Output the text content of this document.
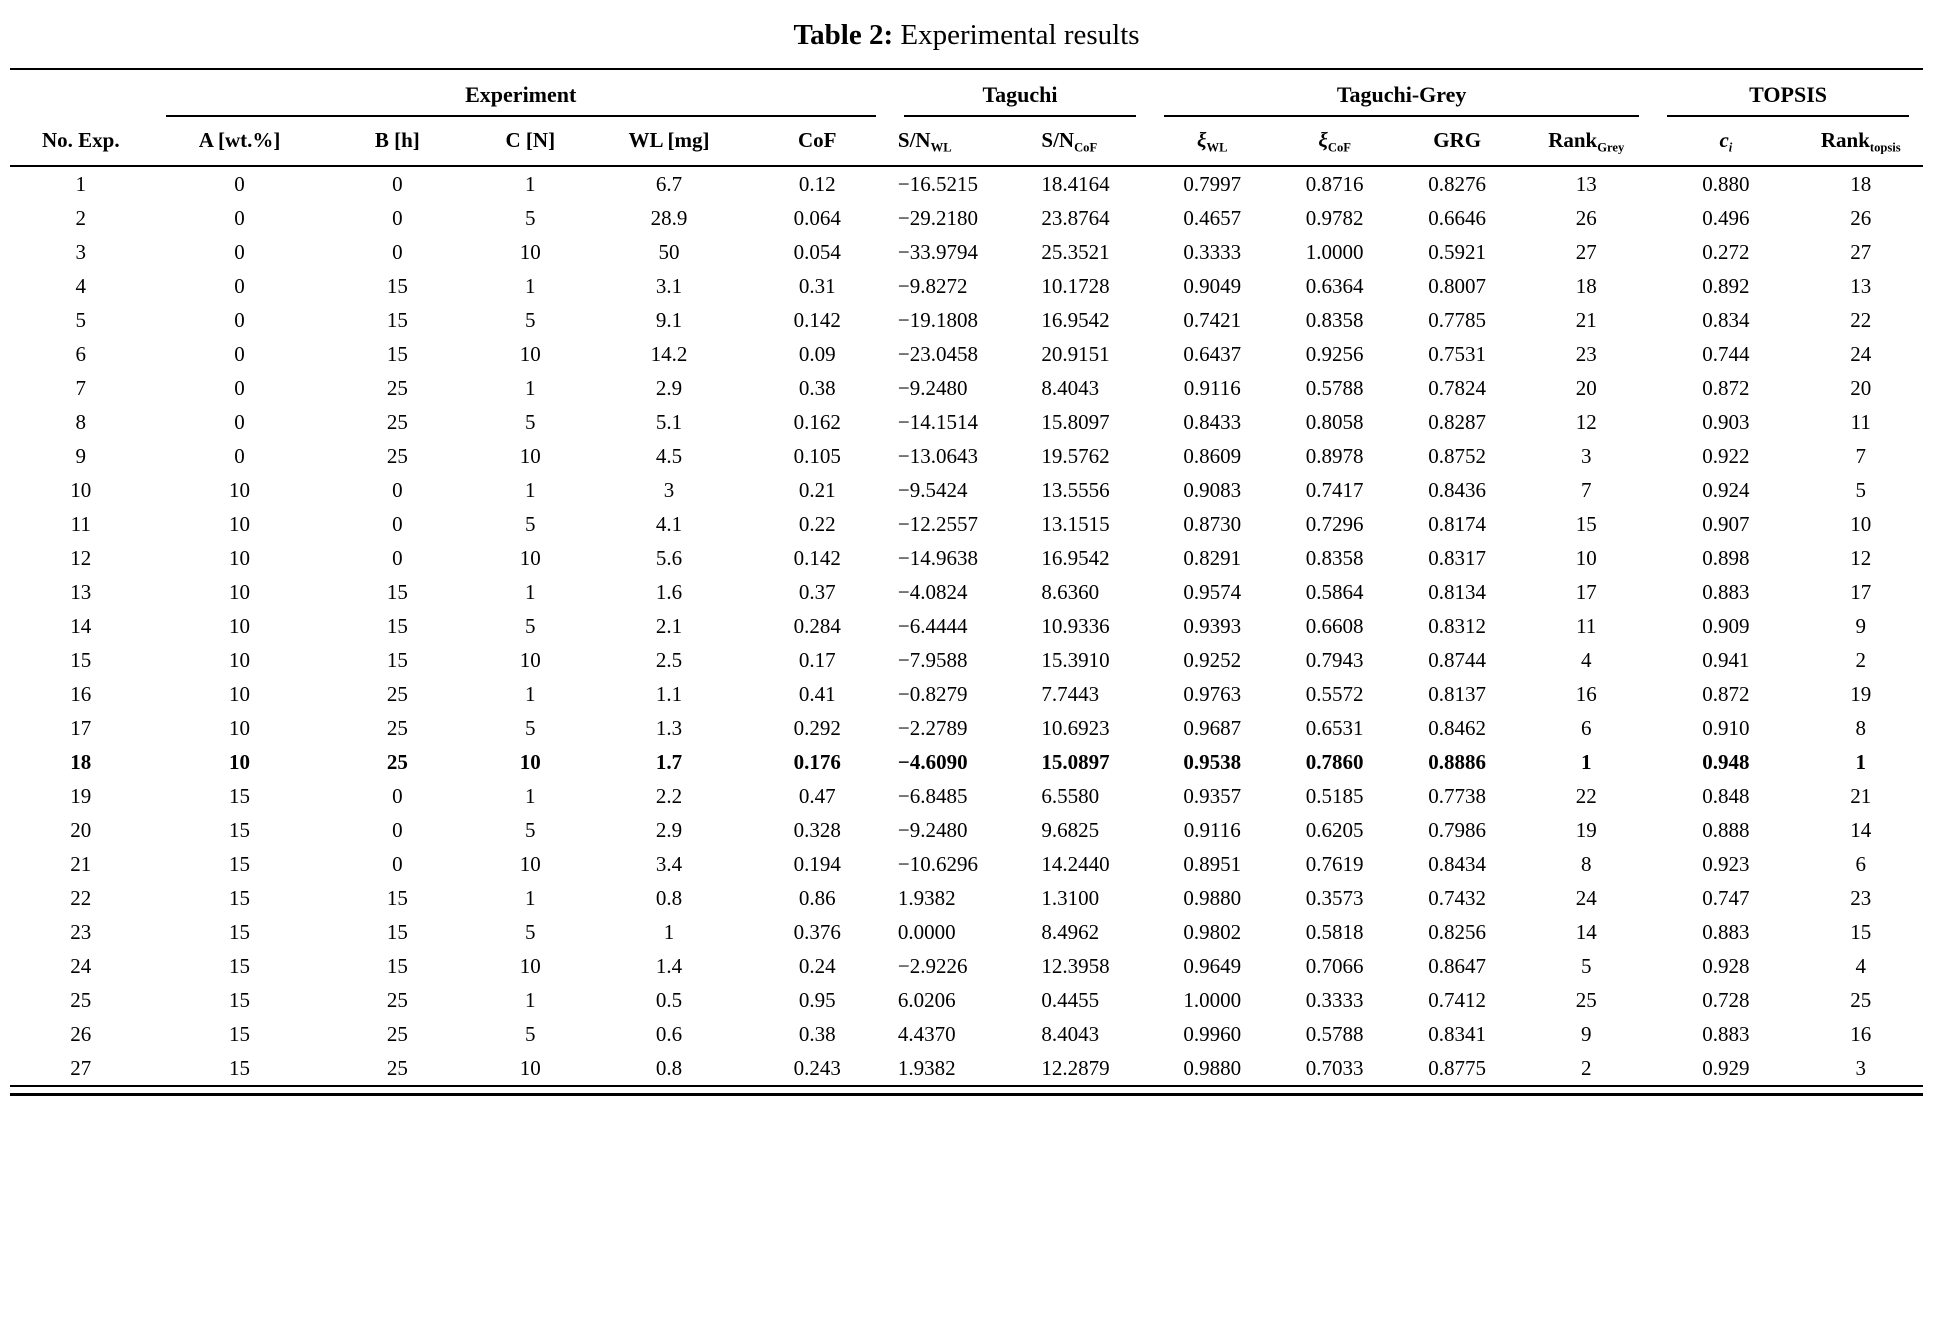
Table 2: Experimental results

	Experiment					Taguchi		Taguchi-Grey				TOPSIS	

No. Exp.	A [wt.%]	B [h]	C [N]	WL [mg]	CoF	$S/N_{WL}$	$S/N_{CoF}$	$\xi_{WL}$	$\xi_{CoF}$	GRG	Rank$_{Grey}$	$c_i$	Rank$_{topsis}$
1	0	0	1	6.7	0.12	−16.5215	18.4164	0.7997	0.8716	0.8276	13	0.880	18
2	0	0	5	28.9	0.064	−29.2180	23.8764	0.4657	0.9782	0.6646	26	0.496	26
3	0	0	10	50	0.054	−33.9794	25.3521	0.3333	1.0000	0.5921	27	0.272	27
4	0	15	1	3.1	0.31	−9.8272	10.1728	0.9049	0.6364	0.8007	18	0.892	13
5	0	15	5	9.1	0.142	−19.1808	16.9542	0.7421	0.8358	0.7785	21	0.834	22
6	0	15	10	14.2	0.09	−23.0458	20.9151	0.6437	0.9256	0.7531	23	0.744	24
7	0	25	1	2.9	0.38	−9.2480	8.4043	0.9116	0.5788	0.7824	20	0.872	20
8	0	25	5	5.1	0.162	−14.1514	15.8097	0.8433	0.8058	0.8287	12	0.903	11
9	0	25	10	4.5	0.105	−13.0643	19.5762	0.8609	0.8978	0.8752	3	0.922	7
10	10	0	1	3	0.21	−9.5424	13.5556	0.9083	0.7417	0.8436	7	0.924	5
11	10	0	5	4.1	0.22	−12.2557	13.1515	0.8730	0.7296	0.8174	15	0.907	10
12	10	0	10	5.6	0.142	−14.9638	16.9542	0.8291	0.8358	0.8317	10	0.898	12
13	10	15	1	1.6	0.37	−4.0824	8.6360	0.9574	0.5864	0.8134	17	0.883	17
14	10	15	5	2.1	0.284	−6.4444	10.9336	0.9393	0.6608	0.8312	11	0.909	9
15	10	15	10	2.5	0.17	−7.9588	15.3910	0.9252	0.7943	0.8744	4	0.941	2
16	10	25	1	1.1	0.41	−0.8279	7.7443	0.9763	0.5572	0.8137	16	0.872	19
17	10	25	5	1.3	0.292	−2.2789	10.6923	0.9687	0.6531	0.8462	6	0.910	8
18	10	25	10	1.7	0.176	−4.6090	15.0897	0.9538	0.7860	0.8886	1	0.948	1
19	15	0	1	2.2	0.47	−6.8485	6.5580	0.9357	0.5185	0.7738	22	0.848	21
20	15	0	5	2.9	0.328	−9.2480	9.6825	0.9116	0.6205	0.7986	19	0.888	14
21	15	0	10	3.4	0.194	−10.6296	14.2440	0.8951	0.7619	0.8434	8	0.923	6
22	15	15	1	0.8	0.86	1.9382	1.3100	0.9880	0.3573	0.7432	24	0.747	23
23	15	15	5	1	0.376	0.0000	8.4962	0.9802	0.5818	0.8256	14	0.883	15
24	15	15	10	1.4	0.24	−2.9226	12.3958	0.9649	0.7066	0.8647	5	0.928	4
25	15	25	1	0.5	0.95	6.0206	0.4455	1.0000	0.3333	0.7412	25	0.728	25
26	15	25	5	0.6	0.38	4.4370	8.4043	0.9960	0.5788	0.8341	9	0.883	16
27	15	25	10	0.8	0.243	1.9382	12.2879	0.9880	0.7033	0.8775	2	0.929	3
